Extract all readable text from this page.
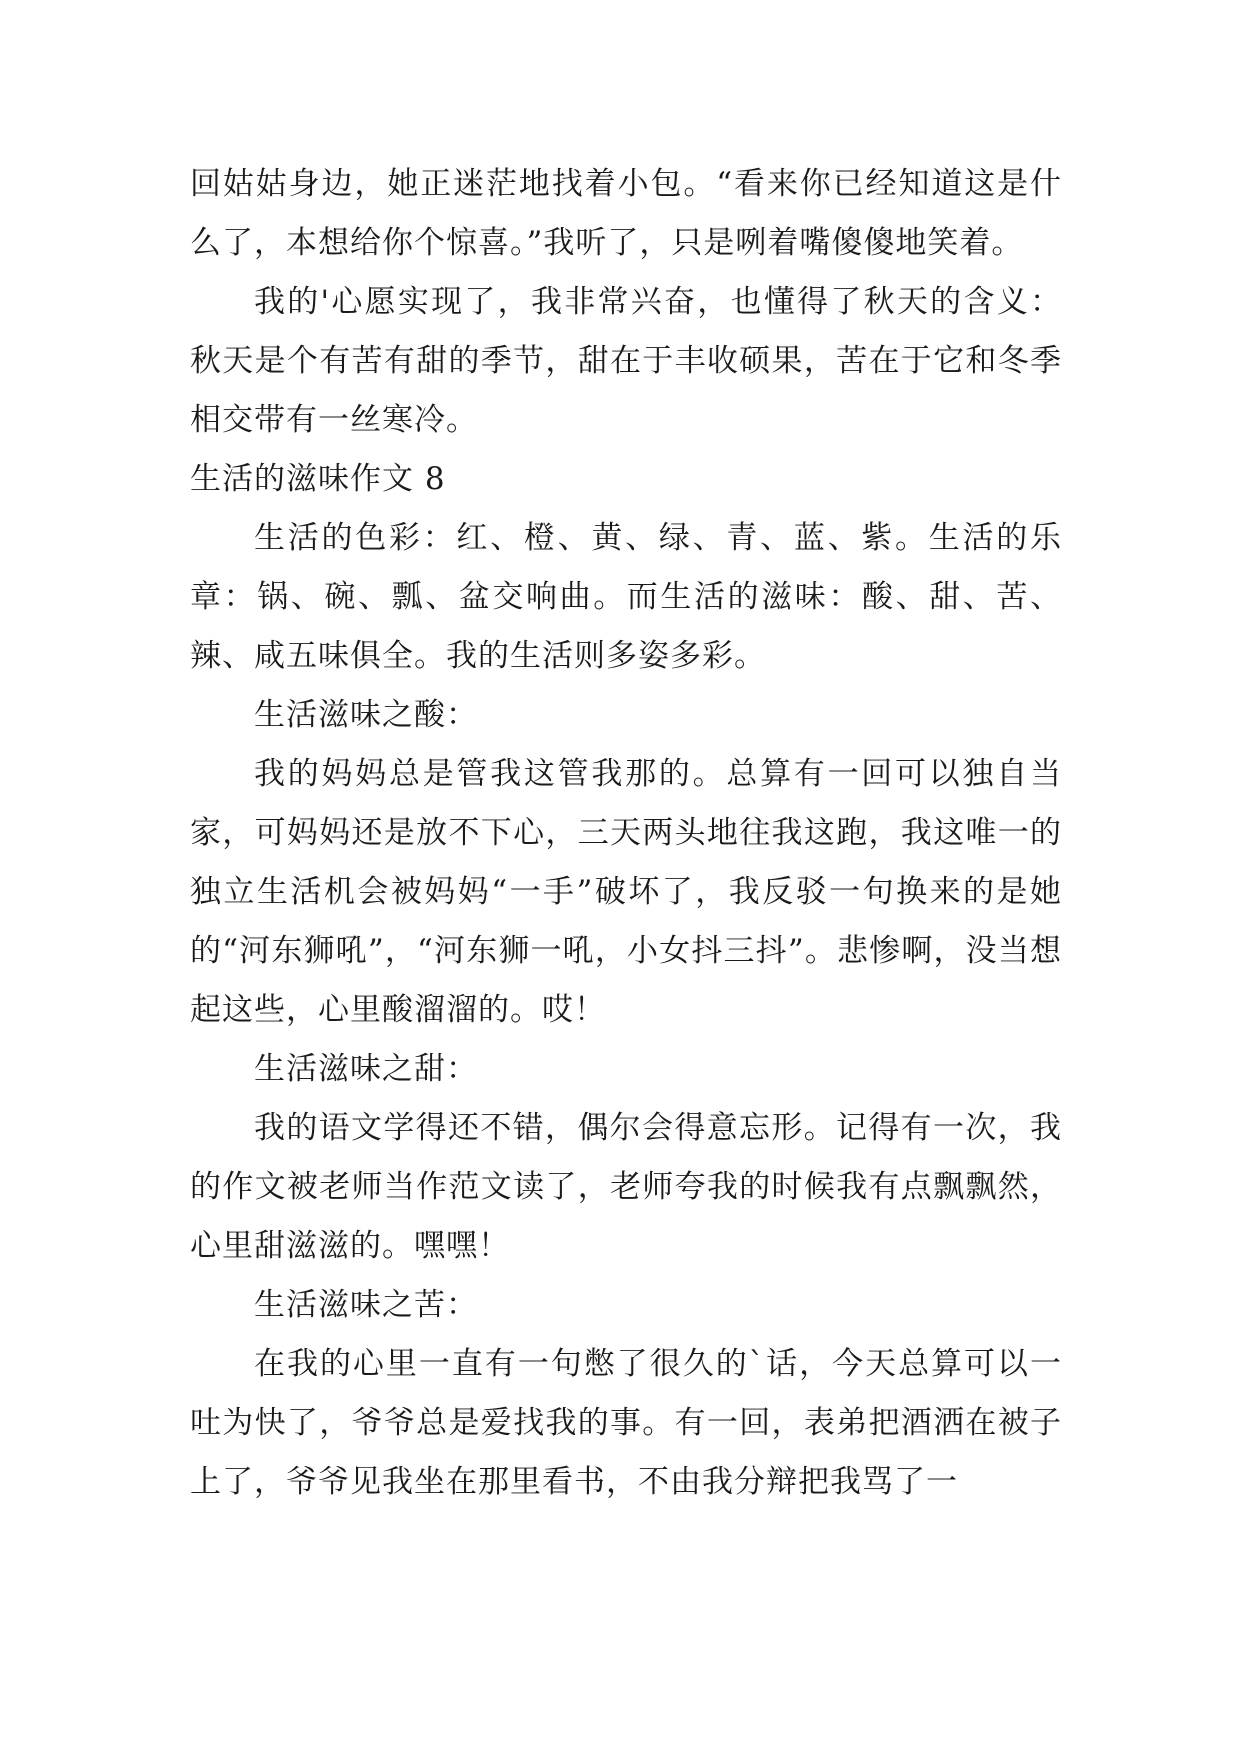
回姑姑身边，她正迷茫地找着小包。“看来你已经知道这是什么了，本想给你个惊喜。”我听了，只是咧着嘴傻傻地笑着。

我的'心愿实现了，我非常兴奋，也懂得了秋天的含义：秋天是个有苦有甜的季节，甜在于丰收硕果，苦在于它和冬季相交带有一丝寒冷。

生活的滋味作文 8

生活的色彩：红、橙、黄、绿、青、蓝、紫。生活的乐章：锅、碗、瓢、盆交响曲。而生活的滋味：酸、甜、苦、辣、咸五味俱全。我的生活则多姿多彩。

生活滋味之酸：

我的妈妈总是管我这管我那的。总算有一回可以独自当家，可妈妈还是放不下心，三天两头地往我这跑，我这唯一的独立生活机会被妈妈“一手”破坏了，我反驳一句换来的是她的“河东狮吼”，“河东狮一吼，小女抖三抖”。悲惨啊，没当想起这些，心里酸溜溜的。哎！

生活滋味之甜：

我的语文学得还不错，偶尔会得意忘形。记得有一次，我的作文被老师当作范文读了，老师夸我的时候我有点飘飘然，心里甜滋滋的。嘿嘿！

生活滋味之苦：

在我的心里一直有一句憋了很久的`话，今天总算可以一吐为快了，爷爷总是爱找我的事。有一回，表弟把酒洒在被子上了，爷爷见我坐在那里看书，不由我分辩把我骂了一
